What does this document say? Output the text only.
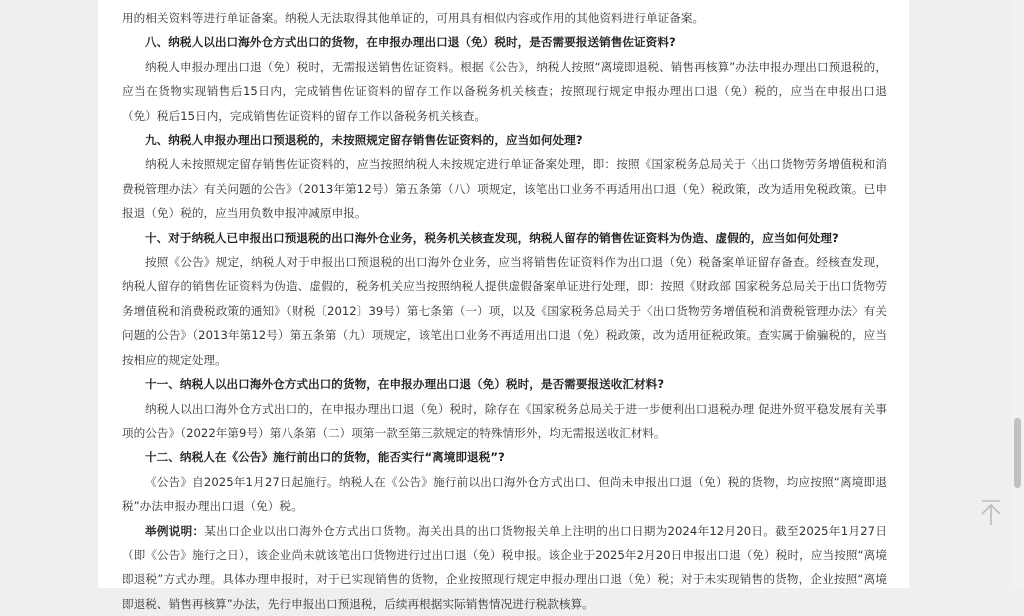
用的相关资料等进行单证备案。纳税人无法取得其他单证的，可用具有相似内容或作用的其他资料进行单证备案。

八、纳税人以出口海外仓方式出口的货物，在申报办理出口退（免）税时，是否需要报送销售佐证资料?

纳税人申报办理出口退（免）税时，无需报送销售佐证资料。根据《公告》，纳税人按照“离境即退税、销售再核算”办法申报办理出口预退税的，应当在货物实现销售后15日内，完成销售佐证资料的留存工作以备税务机关核查；按照现行规定申报办理出口退（免）税的，应当在申报出口退（免）税后15日内，完成销售佐证资料的留存工作以备税务机关核查。

九、纳税人申报办理出口预退税的，未按照规定留存销售佐证资料的，应当如何处理?

纳税人未按照规定留存销售佐证资料的，应当按照纳税人未按规定进行单证备案处理，即：按照《国家税务总局关于〈出口货物劳务增值税和消费税管理办法〉有关问题的公告》（2013年第12号）第五条第（八）项规定，该笔出口业务不再适用出口退（免）税政策，改为适用免税政策。已申报退（免）税的，应当用负数申报冲减原申报。

十、对于纳税人已申报出口预退税的出口海外仓业务，税务机关核查发现，纳税人留存的销售佐证资料为伪造、虚假的，应当如何处理?

按照《公告》规定，纳税人对于申报出口预退税的出口海外仓业务，应当将销售佐证资料作为出口退（免）税备案单证留存备查。经核查发现，纳税人留存的销售佐证资料为伪造、虚假的，税务机关应当按照纳税人提供虚假备案单证进行处理，即：按照《财政部 国家税务总局关于出口货物劳务增值税和消费税政策的通知》（财税〔2012〕39号）第七条第（一）项，以及《国家税务总局关于〈出口货物劳务增值税和消费税管理办法〉有关问题的公告》（2013年第12号）第五条第（九）项规定，该笔出口业务不再适用出口退（免）税政策，改为适用征税政策。查实属于偷骗税的，应当按相应的规定处理。

十一、纳税人以出口海外仓方式出口的货物，在申报办理出口退（免）税时，是否需要报送收汇材料?

纳税人以出口海外仓方式出口的，在申报办理出口退（免）税时，除存在《国家税务总局关于进一步便利出口退税办理 促进外贸平稳发展有关事项的公告》（2022年第9号）第八条第（二）项第一款至第三款规定的特殊情形外，均无需报送收汇材料。

十二、纳税人在《公告》施行前出口的货物，能否实行“离境即退税”?

《公告》自2025年1月27日起施行。纳税人在《公告》施行前以出口海外仓方式出口、但尚未申报出口退（免）税的货物，均应按照“离境即退税”办法申报办理出口退（免）税。

举例说明：某出口企业以出口海外仓方式出口货物。海关出具的出口货物报关单上注明的出口日期为2024年12月20日。截至2025年1月27日（即《公告》施行之日），该企业尚未就该笔出口货物进行过出口退（免）税申报。该企业于2025年2月20日申报出口退（免）税时，应当按照“离境即退税”方式办理。具体办理申报时，对于已实现销售的货物，企业按照现行规定申报办理出口退（免）税；对于未实现销售的货物，企业按照“离境即退税、销售再核算”办法，先行申报出口预退税，后续再根据实际销售情况进行税款核算。
